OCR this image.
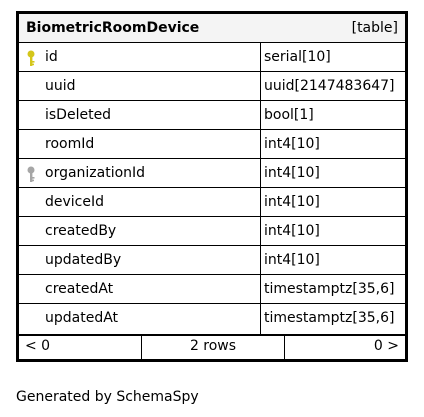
BiometricRoomDevice	[table]
id	serial[10]
uuid	uuid[2147483647]
isDeleted	bool[1]
roomId	int4[10]
organizationId	int4[10]
deviceId	int4[10]
createdBy	int4[10]
updatedBy	int4[10]
createdAt	timestamptz[35,6]
updatedAt	timestamptz[35,6]
< 0	2 rows	0 >
Generated by SchemaSpy
